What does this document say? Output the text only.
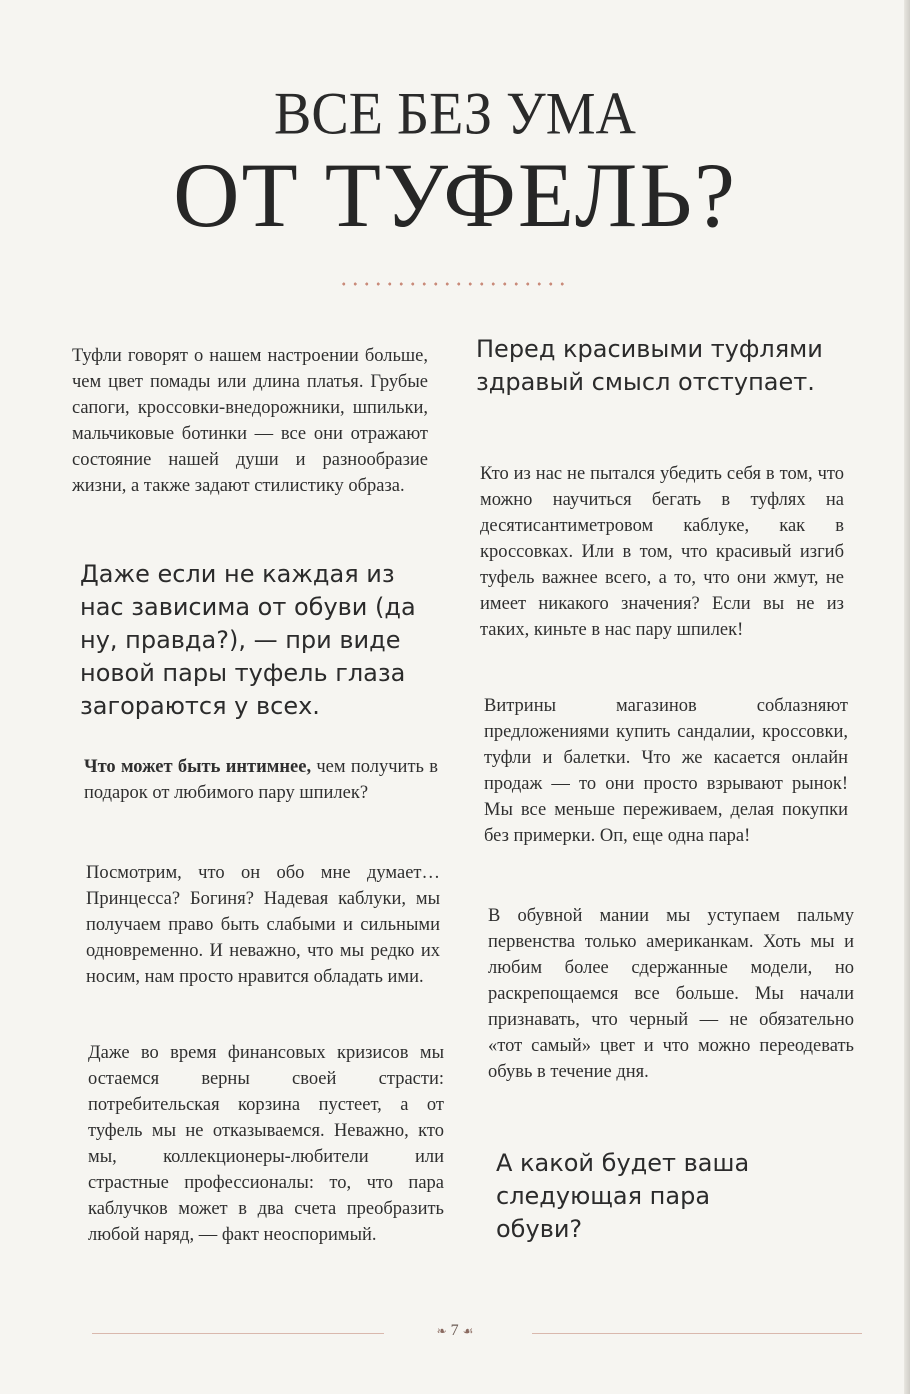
ВСЕ БЕЗ УМА
ОТ ТУФЕЛЬ?

Туфли говорят о нашем настроении больше, чем цвет помады или длина платья. Грубые сапоги, кроссовки-внедорожники, шпильки, мальчиковые ботинки — все они отражают состояние нашей души и разнообразие жизни, а также задают стилистику образа.

Даже если не каждая из нас зависима от обуви (да ну, правда?), — при виде новой пары туфель глаза загораются у всех.

Что может быть интимнее, чем получить в подарок от любимого пару шпилек?

Посмотрим, что он обо мне думает… Принцесса? Богиня? Надевая каблуки, мы получаем право быть слабыми и сильными одновременно. И неважно, что мы редко их носим, нам просто нравится обладать ими.

Даже во время финансовых кризисов мы остаемся верны своей страсти: потребительская корзина пустеет, а от туфель мы не отказываемся. Неважно, кто мы, коллекционеры-любители или страстные профессионалы: то, что пара каблучков может в два счета преобразить любой наряд, — факт неоспоримый.

Перед красивыми туфлями здравый смысл отступает.

Кто из нас не пытался убедить себя в том, что можно научиться бегать в туфлях на десятисантиметровом каблуке, как в кроссовках. Или в том, что красивый изгиб туфель важнее всего, а то, что они жмут, не имеет никакого значения? Если вы не из таких, киньте в нас пару шпилек!

Витрины магазинов соблазняют предложениями купить сандалии, кроссовки, туфли и балетки. Что же касается онлайн продаж — то они просто взрывают рынок! Мы все меньше переживаем, делая покупки без примерки. Оп, еще одна пара!

В обувной мании мы уступаем пальму первенства только американкам. Хоть мы и любим более сдержанные модели, но раскрепощаемся все больше. Мы начали признавать, что черный — не обязательно «тот самый» цвет и что можно переодевать обувь в течение дня.

А какой будет ваша следующая пара обуви?

❧ 7 ☙
